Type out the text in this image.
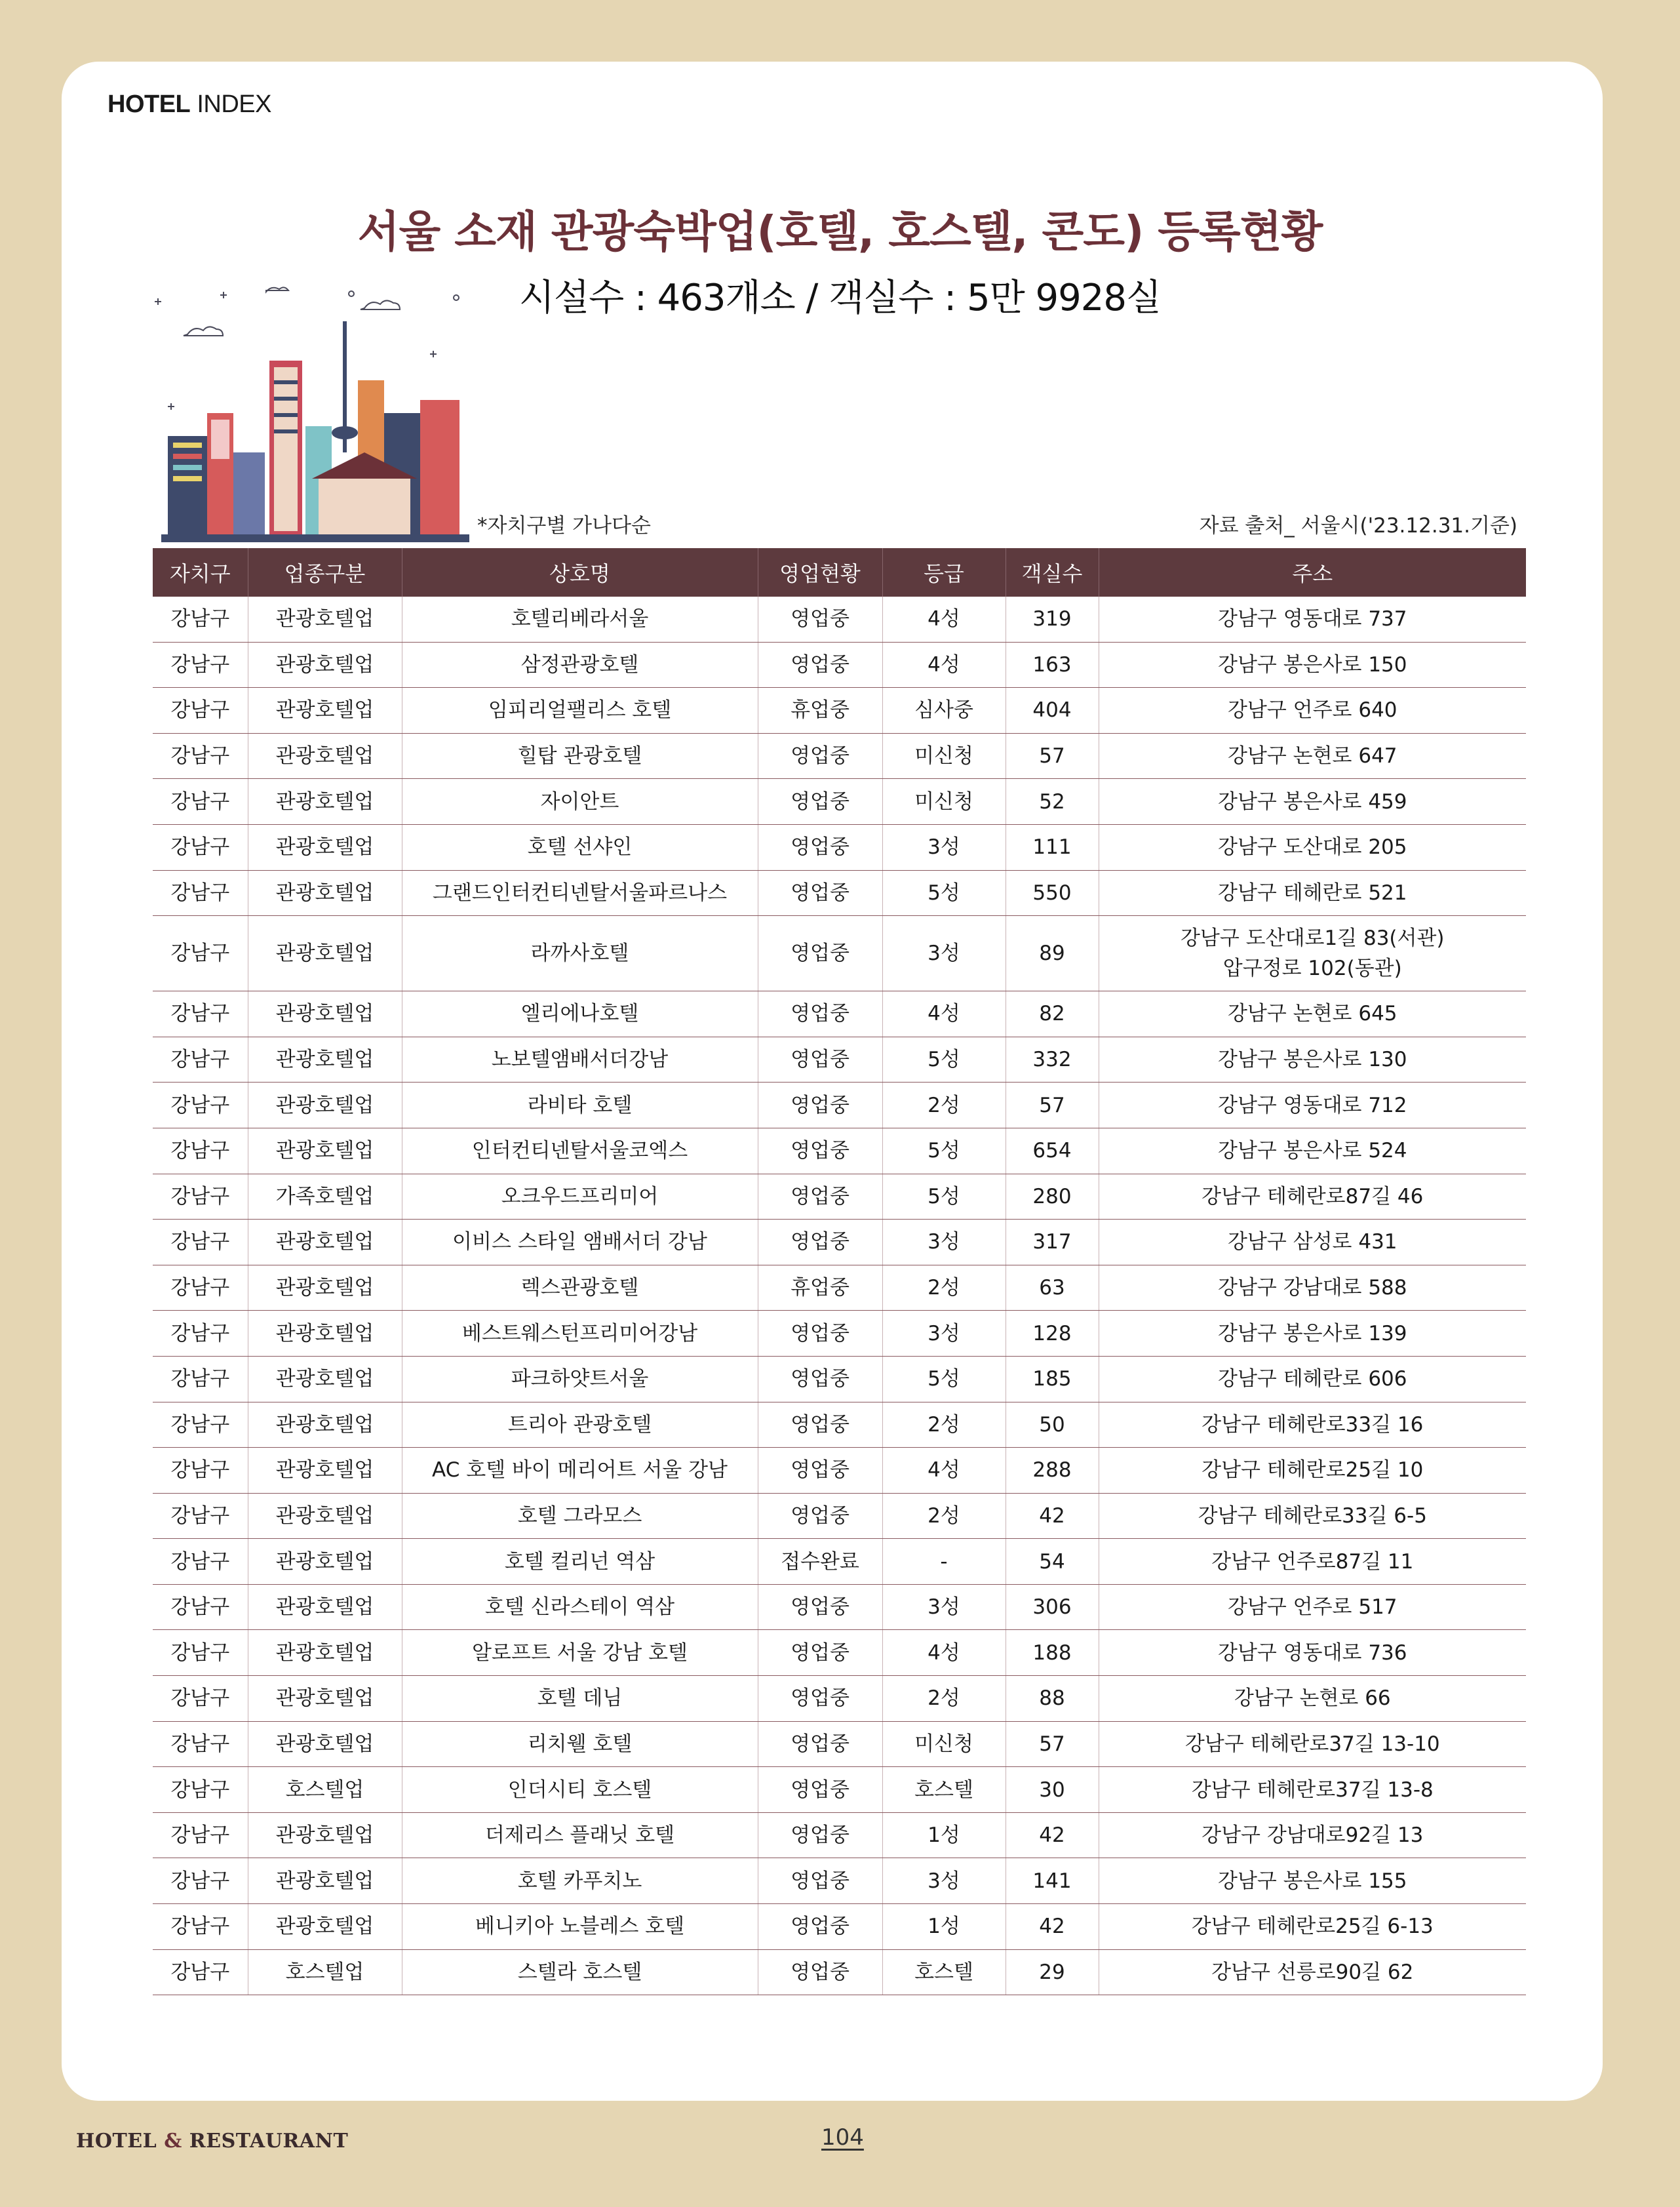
HOTEL INDEX
서울 소재 관광숙박업(호텔, 호스텔, 콘도) 등록현황
시설수 : 463개소 / 객실수 : 5만 9928실
*자치구별 가나다순	자료 출처_ 서울시('23.12.31.기준)
자치구	업종구분	상호명	영업현황	등급	객실수	주소
강남구	관광호텔업	호텔리베라서울	영업중	4성	319	강남구 영동대로 737
강남구	관광호텔업	삼정관광호텔	영업중	4성	163	강남구 봉은사로 150
강남구	관광호텔업	임피리얼팰리스 호텔	휴업중	심사중	404	강남구 언주로 640
강남구	관광호텔업	힐탑 관광호텔	영업중	미신청	57	강남구 논현로 647
강남구	관광호텔업	자이안트	영업중	미신청	52	강남구 봉은사로 459
강남구	관광호텔업	호텔 선샤인	영업중	3성	111	강남구 도산대로 205
강남구	관광호텔업	그랜드인터컨티넨탈서울파르나스	영업중	5성	550	강남구 테헤란로 521
강남구	관광호텔업	라까사호텔	영업중	3성	89	강남구 도산대로1길 83(서관)
압구정로 102(동관)
강남구	관광호텔업	엘리에나호텔	영업중	4성	82	강남구 논현로 645
강남구	관광호텔업	노보텔앰배서더강남	영업중	5성	332	강남구 봉은사로 130
강남구	관광호텔업	라비타 호텔	영업중	2성	57	강남구 영동대로 712
강남구	관광호텔업	인터컨티넨탈서울코엑스	영업중	5성	654	강남구 봉은사로 524
강남구	가족호텔업	오크우드프리미어	영업중	5성	280	강남구 테헤란로87길 46
강남구	관광호텔업	이비스 스타일 앰배서더 강남	영업중	3성	317	강남구 삼성로 431
강남구	관광호텔업	렉스관광호텔	휴업중	2성	63	강남구 강남대로 588
강남구	관광호텔업	베스트웨스턴프리미어강남	영업중	3성	128	강남구 봉은사로 139
강남구	관광호텔업	파크하얏트서울	영업중	5성	185	강남구 테헤란로 606
강남구	관광호텔업	트리아 관광호텔	영업중	2성	50	강남구 테헤란로33길 16
강남구	관광호텔업	AC 호텔 바이 메리어트 서울 강남	영업중	4성	288	강남구 테헤란로25길 10
강남구	관광호텔업	호텔 그라모스	영업중	2성	42	강남구 테헤란로33길 6-5
강남구	관광호텔업	호텔 컬리넌 역삼	접수완료	-	54	강남구 언주로87길 11
강남구	관광호텔업	호텔 신라스테이 역삼	영업중	3성	306	강남구 언주로 517
강남구	관광호텔업	알로프트 서울 강남 호텔	영업중	4성	188	강남구 영동대로 736
강남구	관광호텔업	호텔 데님	영업중	2성	88	강남구 논현로 66
강남구	관광호텔업	리치웰 호텔	영업중	미신청	57	강남구 테헤란로37길 13-10
강남구	호스텔업	인더시티 호스텔	영업중	호스텔	30	강남구 테헤란로37길 13-8
강남구	관광호텔업	더제리스 플래닛 호텔	영업중	1성	42	강남구 강남대로92길 13
강남구	관광호텔업	호텔 카푸치노	영업중	3성	141	강남구 봉은사로 155
강남구	관광호텔업	베니키아 노블레스 호텔	영업중	1성	42	강남구 테헤란로25길 6-13
강남구	호스텔업	스텔라 호스텔	영업중	호스텔	29	강남구 선릉로90길 62
HOTEL & RESTAURANT	104
